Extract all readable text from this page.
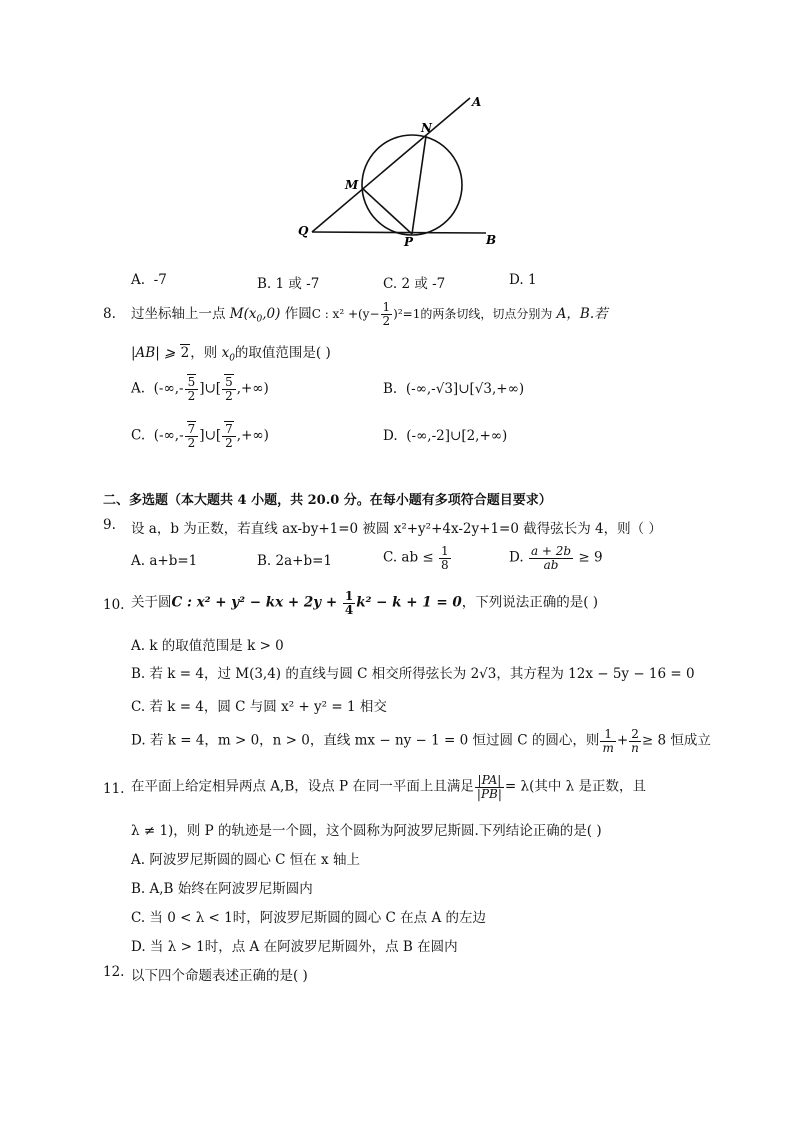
A
N
M
Q
P	B
A. -7	B. 1 或 -7	C. 2 或 -7	D. 1
8. 过坐标轴上一点 $M(x_0,0)$ 作圆C : $x^2 +(y- \frac{1}{2} )^2=1$的两条切线，切点分别为 A，B.若
|AB| ⩾ 2，则 $x_0$的取值范围是( )
A.  (-∞,- $\frac{5}{2}$ ]∪[ $\frac{5}{2}$ ,+∞)	B. (-∞,-√3]∪[√3,+∞)
C.  (-∞,- $\frac{7}{2}$ ]∪[ $\frac{7}{2}$ ,+∞)	D. (-∞,-2]∪[2,+∞)
二、多选题（本大题共 4 小题，共 20.0 分。在每小题有多项符合题目要求）
9. 设 a，b 为正数，若直线 ax-by+1=0 被圆 x²+y²+4x-2y+1=0 截得弦长为 4，则（ ）
A. a+b=1	B. 2a+b=1	C. ab ≤ $\frac{1}{8}$	D. $\frac{a + 2b}{ab} \ge 9$
10. 关于圆C : x² + y² − kx + $2y + \frac{1}{4} k^2 - k + 1 = 0$，下列说法正确的是( )
A. k 的取值范围是 k > 0
B. 若 k = 4，过 M(3,4) 的直线与圆 C 相交所得弦长为 2√3，其方程为 12x − 5y − 16 = 0
C. 若 k = 4，圆 C 与圆 x² + y² = 1 相交
D. 若 k = 4，m > 0，n > 0，直线 mx − ny − 1 = 0 恒过圆 C 的圆心，则 $\frac{1}{m} + \frac{2}{n} \ge 8$ 恒成立
11. 在平面上给定相异两点 A,B，设点 P 在同一平面上且满足 $\frac{|PA|}{|PB|} = \lambda$(其中 λ 是正数，且
λ ≠ 1)，则 P 的轨迹是一个圆，这个圆称为阿波罗尼斯圆.下列结论正确的是( )
A. 阿波罗尼斯圆的圆心 C 恒在 x 轴上
B. A,B 始终在阿波罗尼斯圆内
C. 当 0 < λ < 1时，阿波罗尼斯圆的圆心 C 在点 A 的左边
D. 当 λ > 1时，点 A 在阿波罗尼斯圆外，点 B 在圆内
12. 以下四个命题表述正确的是( )
